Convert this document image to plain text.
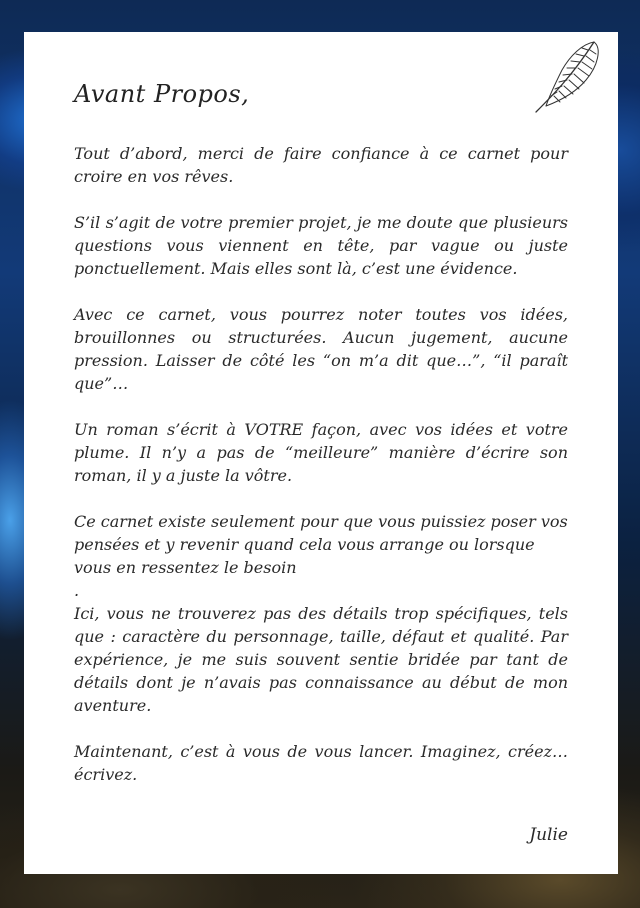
Avant Propos,

Tout d’abord, merci de faire confiance à ce carnet pour croire en vos rêves.

S’il s’agit de votre premier projet, je me doute que plusieurs questions vous viennent en tête, par vague ou juste ponctuellement. Mais elles sont là, c’est une évidence.

Avec ce carnet, vous pourrez noter toutes vos idées, brouillonnes ou structurées. Aucun jugement, aucune pression. Laisser de côté les “on m’a dit que…”, “il paraît que”…

Un roman s’écrit à VOTRE façon, avec vos idées et votre plume. Il n’y a pas de “meilleure” manière d’écrire son roman, il y a juste la vôtre.

Ce carnet existe seulement pour que vous puissiez poser vos pensées et y revenir quand cela vous arrange ou lorsque vous en ressentez le besoin

.

Ici, vous ne trouverez pas des détails trop spécifiques, tels que : caractère du personnage, taille, défaut et qualité. Par expérience, je me suis souvent sentie bridée par tant de détails dont je n’avais pas connaissance au début de mon aventure.

Maintenant, c’est à vous de vous lancer. Imaginez, créez… écrivez.

Julie
